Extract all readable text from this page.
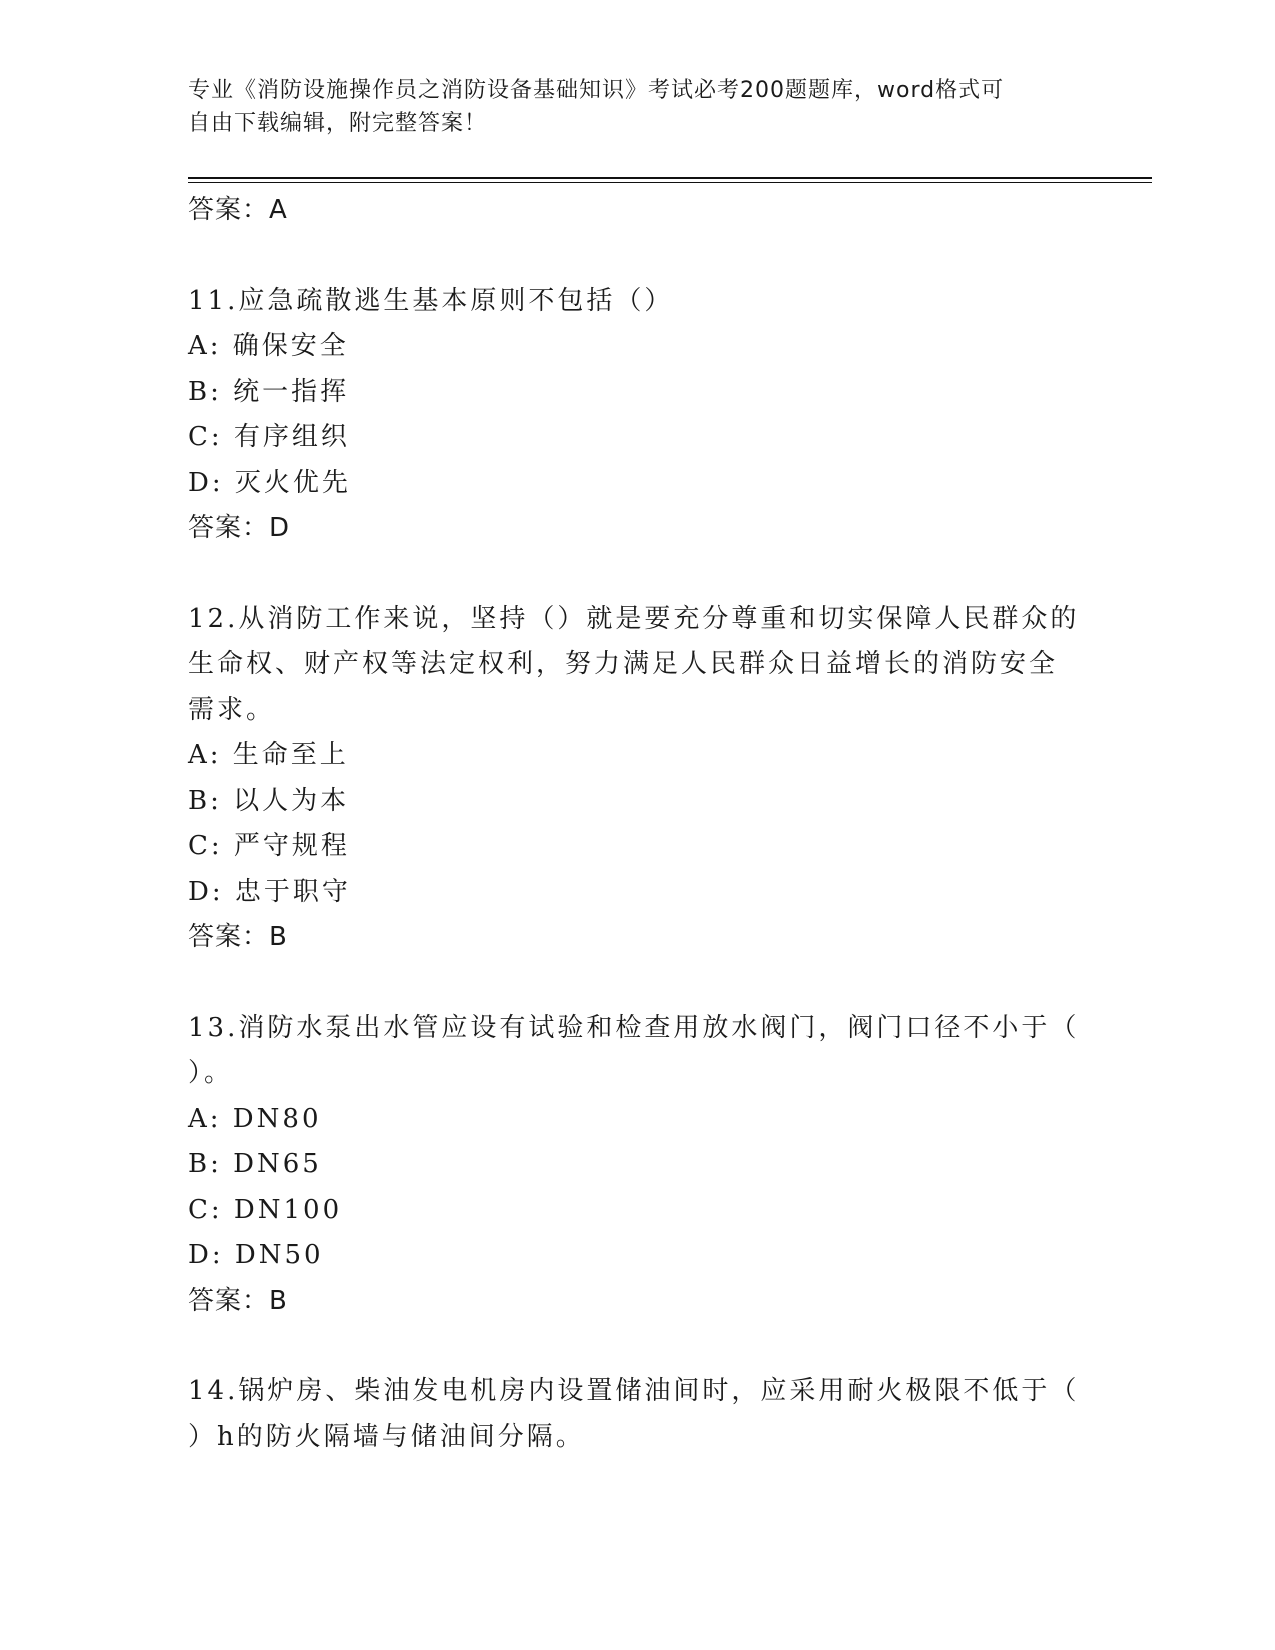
专业《消防设施操作员之消防设备基础知识》考试必考200题题库，word格式可
自由下载编辑，附完整答案！
答案：A
11.应急疏散逃生基本原则不包括（）
A: 确保安全
B: 统一指挥
C: 有序组织
D: 灭火优先
答案：D
12.从消防工作来说，坚持（）就是要充分尊重和切实保障人民群众的
生命权、财产权等法定权利，努力满足人民群众日益增长的消防安全
需求。
A: 生命至上
B: 以人为本
C: 严守规程
D: 忠于职守
答案：B
13.消防水泵出水管应设有试验和检查用放水阀门，阀门口径不小于（
）。
A: DN80
B: DN65
C: DN100
D: DN50
答案：B
14.锅炉房、柴油发电机房内设置储油间时，应采用耐火极限不低于（
）h的防火隔墙与储油间分隔。
